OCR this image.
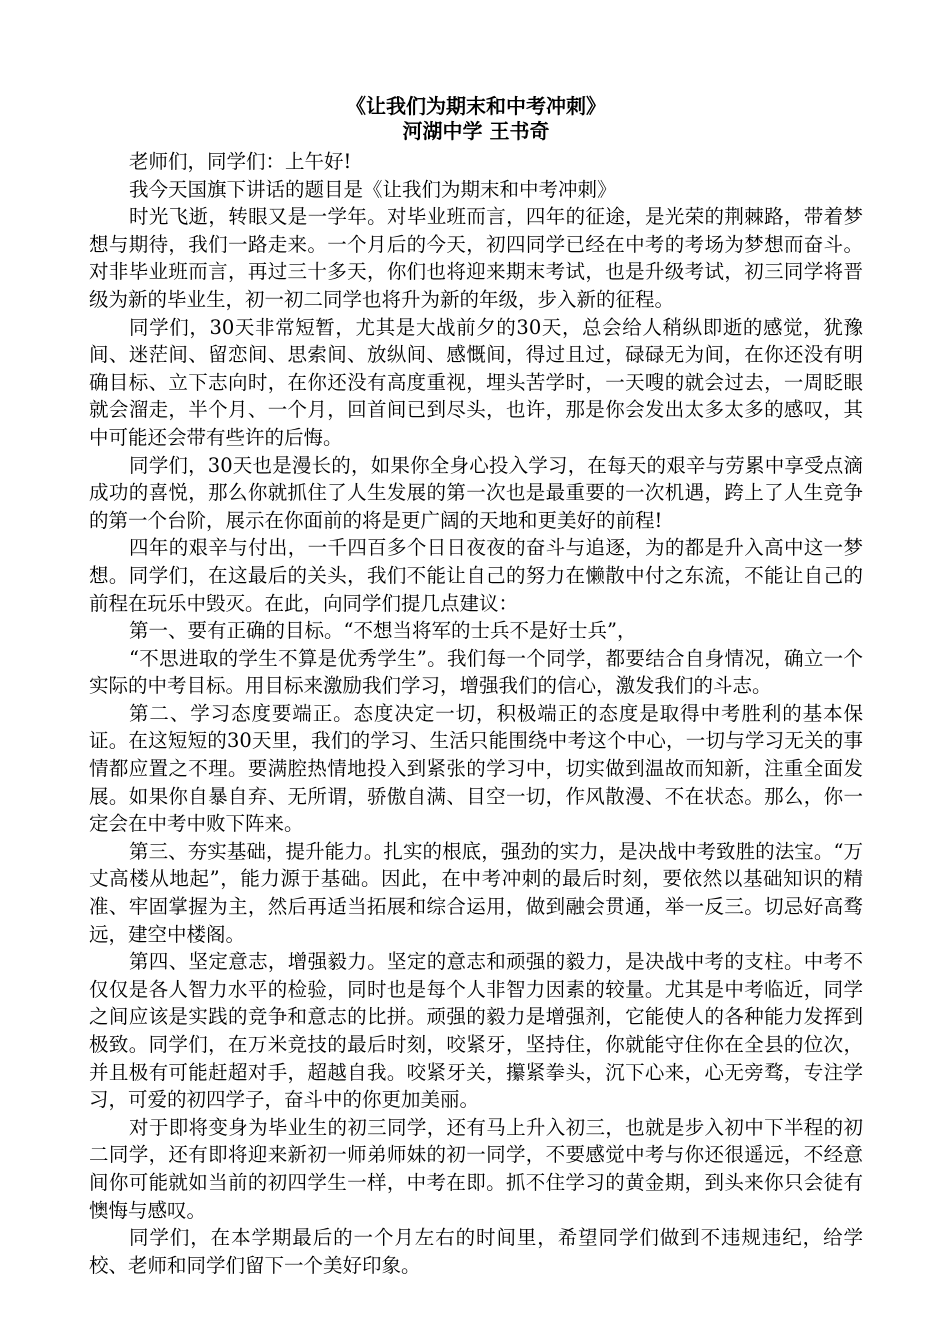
《让我们为期末和中考冲刺》
河湖中学 王书奇

老师们，同学们：上午好!

我今天国旗下讲话的题目是《让我们为期末和中考冲刺》

时光飞逝，转眼又是一学年。对毕业班而言，四年的征途，是光荣的荆棘路，带着梦想与期待，我们一路走来。一个月后的今天，初四同学已经在中考的考场为梦想而奋斗。对非毕业班而言，再过三十多天，你们也将迎来期末考试，也是升级考试，初三同学将晋级为新的毕业生，初一初二同学也将升为新的年级，步入新的征程。

同学们，30天非常短暂，尤其是大战前夕的30天，总会给人稍纵即逝的感觉，犹豫间、迷茫间、留恋间、思索间、放纵间、感慨间，得过且过，碌碌无为间，在你还没有明确目标、立下志向时，在你还没有高度重视，埋头苦学时，一天嗖的就会过去，一周眨眼就会溜走，半个月、一个月，回首间已到尽头，也许，那是你会发出太多太多的感叹，其中可能还会带有些许的后悔。

同学们，30天也是漫长的，如果你全身心投入学习，在每天的艰辛与劳累中享受点滴成功的喜悦，那么你就抓住了人生发展的第一次也是最重要的一次机遇，跨上了人生竞争的第一个台阶，展示在你面前的将是更广阔的天地和更美好的前程!

四年的艰辛与付出，一千四百多个日日夜夜的奋斗与追逐，为的都是升入高中这一梦想。同学们，在这最后的关头，我们不能让自己的努力在懒散中付之东流，不能让自己的前程在玩乐中毁灭。在此，向同学们提几点建议：

第一、要有正确的目标。“不想当将军的士兵不是好士兵”，

“不思进取的学生不算是优秀学生”。我们每一个同学，都要结合自身情况，确立一个实际的中考目标。用目标来激励我们学习，增强我们的信心，激发我们的斗志。

第二、学习态度要端正。态度决定一切，积极端正的态度是取得中考胜利的基本保证。在这短短的30天里，我们的学习、生活只能围绕中考这个中心，一切与学习无关的事情都应置之不理。要满腔热情地投入到紧张的学习中，切实做到温故而知新，注重全面发展。如果你自暴自弃、无所谓，骄傲自满、目空一切，作风散漫、不在状态。那么，你一定会在中考中败下阵来。

第三、夯实基础，提升能力。扎实的根底，强劲的实力，是决战中考致胜的法宝。“万丈高楼从地起”，能力源于基础。因此，在中考冲刺的最后时刻，要依然以基础知识的精准、牢固掌握为主，然后再适当拓展和综合运用，做到融会贯通，举一反三。切忌好高骛远，建空中楼阁。

第四、坚定意志，增强毅力。坚定的意志和顽强的毅力，是决战中考的支柱。中考不仅仅是各人智力水平的检验，同时也是每个人非智力因素的较量。尤其是中考临近，同学之间应该是实践的竞争和意志的比拼。顽强的毅力是增强剂，它能使人的各种能力发挥到极致。同学们，在万米竞技的最后时刻，咬紧牙，坚持住，你就能守住你在全县的位次，并且极有可能赶超对手，超越自我。咬紧牙关，攥紧拳头，沉下心来，心无旁骛，专注学习，可爱的初四学子，奋斗中的你更加美丽。

对于即将变身为毕业生的初三同学，还有马上升入初三，也就是步入初中下半程的初二同学，还有即将迎来新初一师弟师妹的初一同学，不要感觉中考与你还很遥远，不经意间你可能就如当前的初四学生一样，中考在即。抓不住学习的黄金期，到头来你只会徒有懊悔与感叹。

同学们，在本学期最后的一个月左右的时间里，希望同学们做到不违规违纪，给学校、老师和同学们留下一个美好印象。
